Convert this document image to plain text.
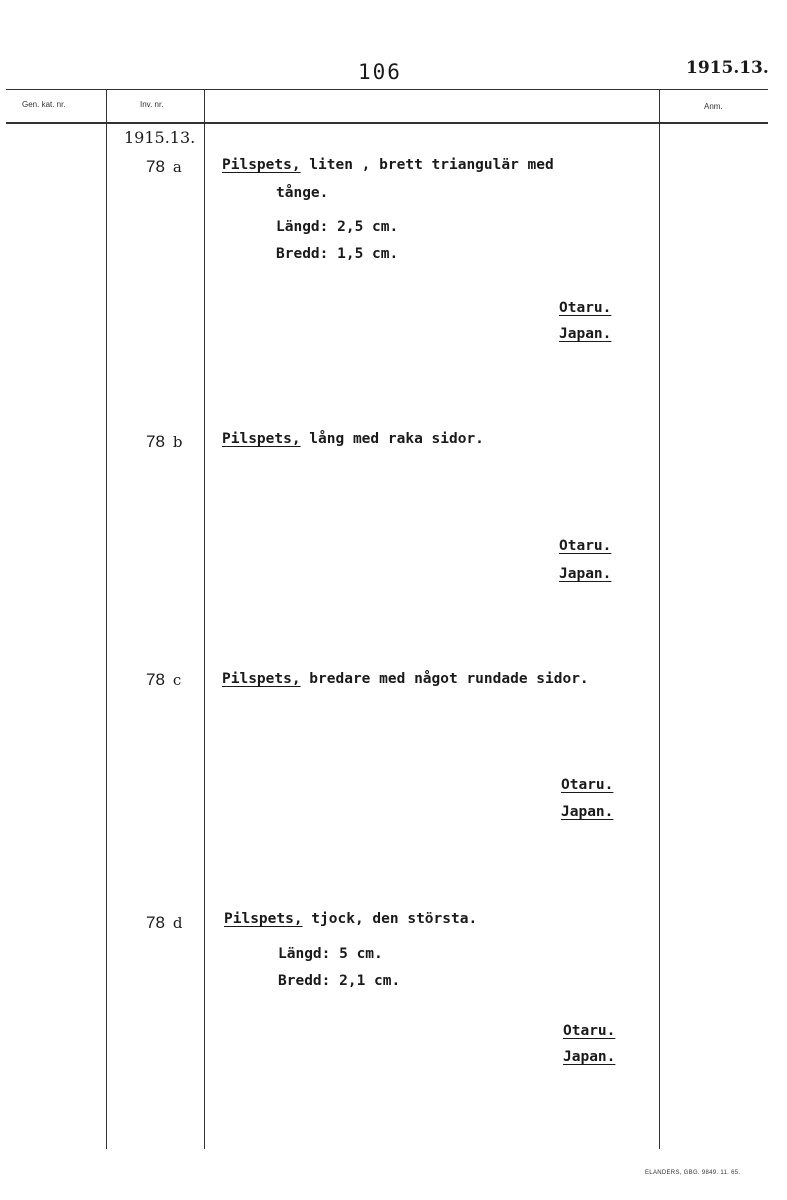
106	1915.13.
Gen. kat. nr.	Inv. nr.	Anm.
1915.13.
78 a	Pilspets, liten , brett triangulär med
tånge.
Längd: 2,5 cm.
Bredd: 1,5 cm.
Otaru.
Japan.
78 b	Pilspets, lång med raka sidor.
Otaru.
Japan.
78 c	Pilspets, bredare med något rundade sidor.
Otaru.
Japan.
78 d	Pilspets, tjock, den största.
Längd: 5 cm.
Bredd: 2,1 cm.
Otaru.
Japan.
ELANDERS, GBG. 9849. 11. 65.
